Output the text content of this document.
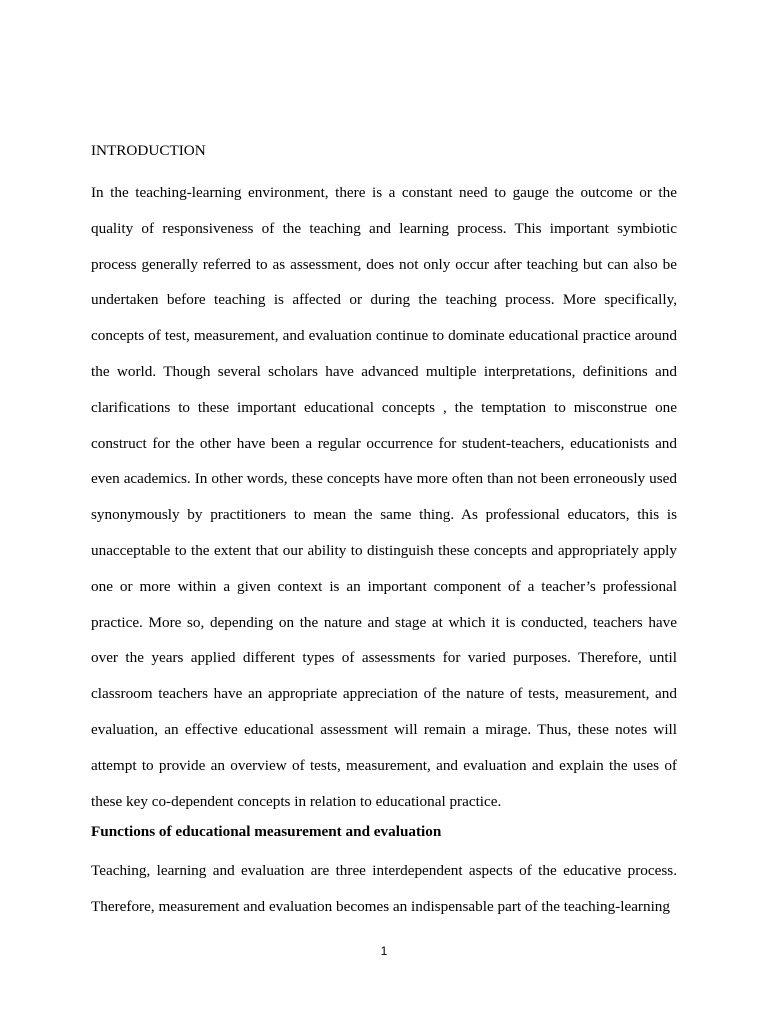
INTRODUCTION

In the teaching-learning environment, there is a constant need to gauge the outcome or the quality of responsiveness of the teaching and learning process. This important symbiotic process generally referred to as assessment, does not only occur after teaching but can also be undertaken before teaching is affected or during the teaching process. More specifically, concepts of test, measurement, and evaluation continue to dominate educational practice around the world. Though several scholars have advanced multiple interpretations, definitions and clarifications to these important educational concepts , the temptation to misconstrue one construct for the other have been a regular occurrence for student-teachers, educationists and even academics. In other words, these concepts have more often than not been erroneously used synonymously by practitioners to mean the same thing. As professional educators, this is unacceptable to the extent that our ability to distinguish these concepts and appropriately apply one or more within a given context is an important component of a teacher’s professional practice. More so, depending on the nature and stage at which it is conducted, teachers have over the years applied different types of assessments for varied purposes. Therefore, until classroom teachers have an appropriate appreciation of the nature of tests, measurement, and evaluation, an effective educational assessment will remain a mirage. Thus, these notes will attempt to provide an overview of tests, measurement, and evaluation and explain the uses of these key co-dependent concepts in relation to educational practice.

Functions of educational measurement and evaluation

Teaching, learning and evaluation are three interdependent aspects of the educative process. Therefore, measurement and evaluation becomes an indispensable part of the teaching-learning

1
